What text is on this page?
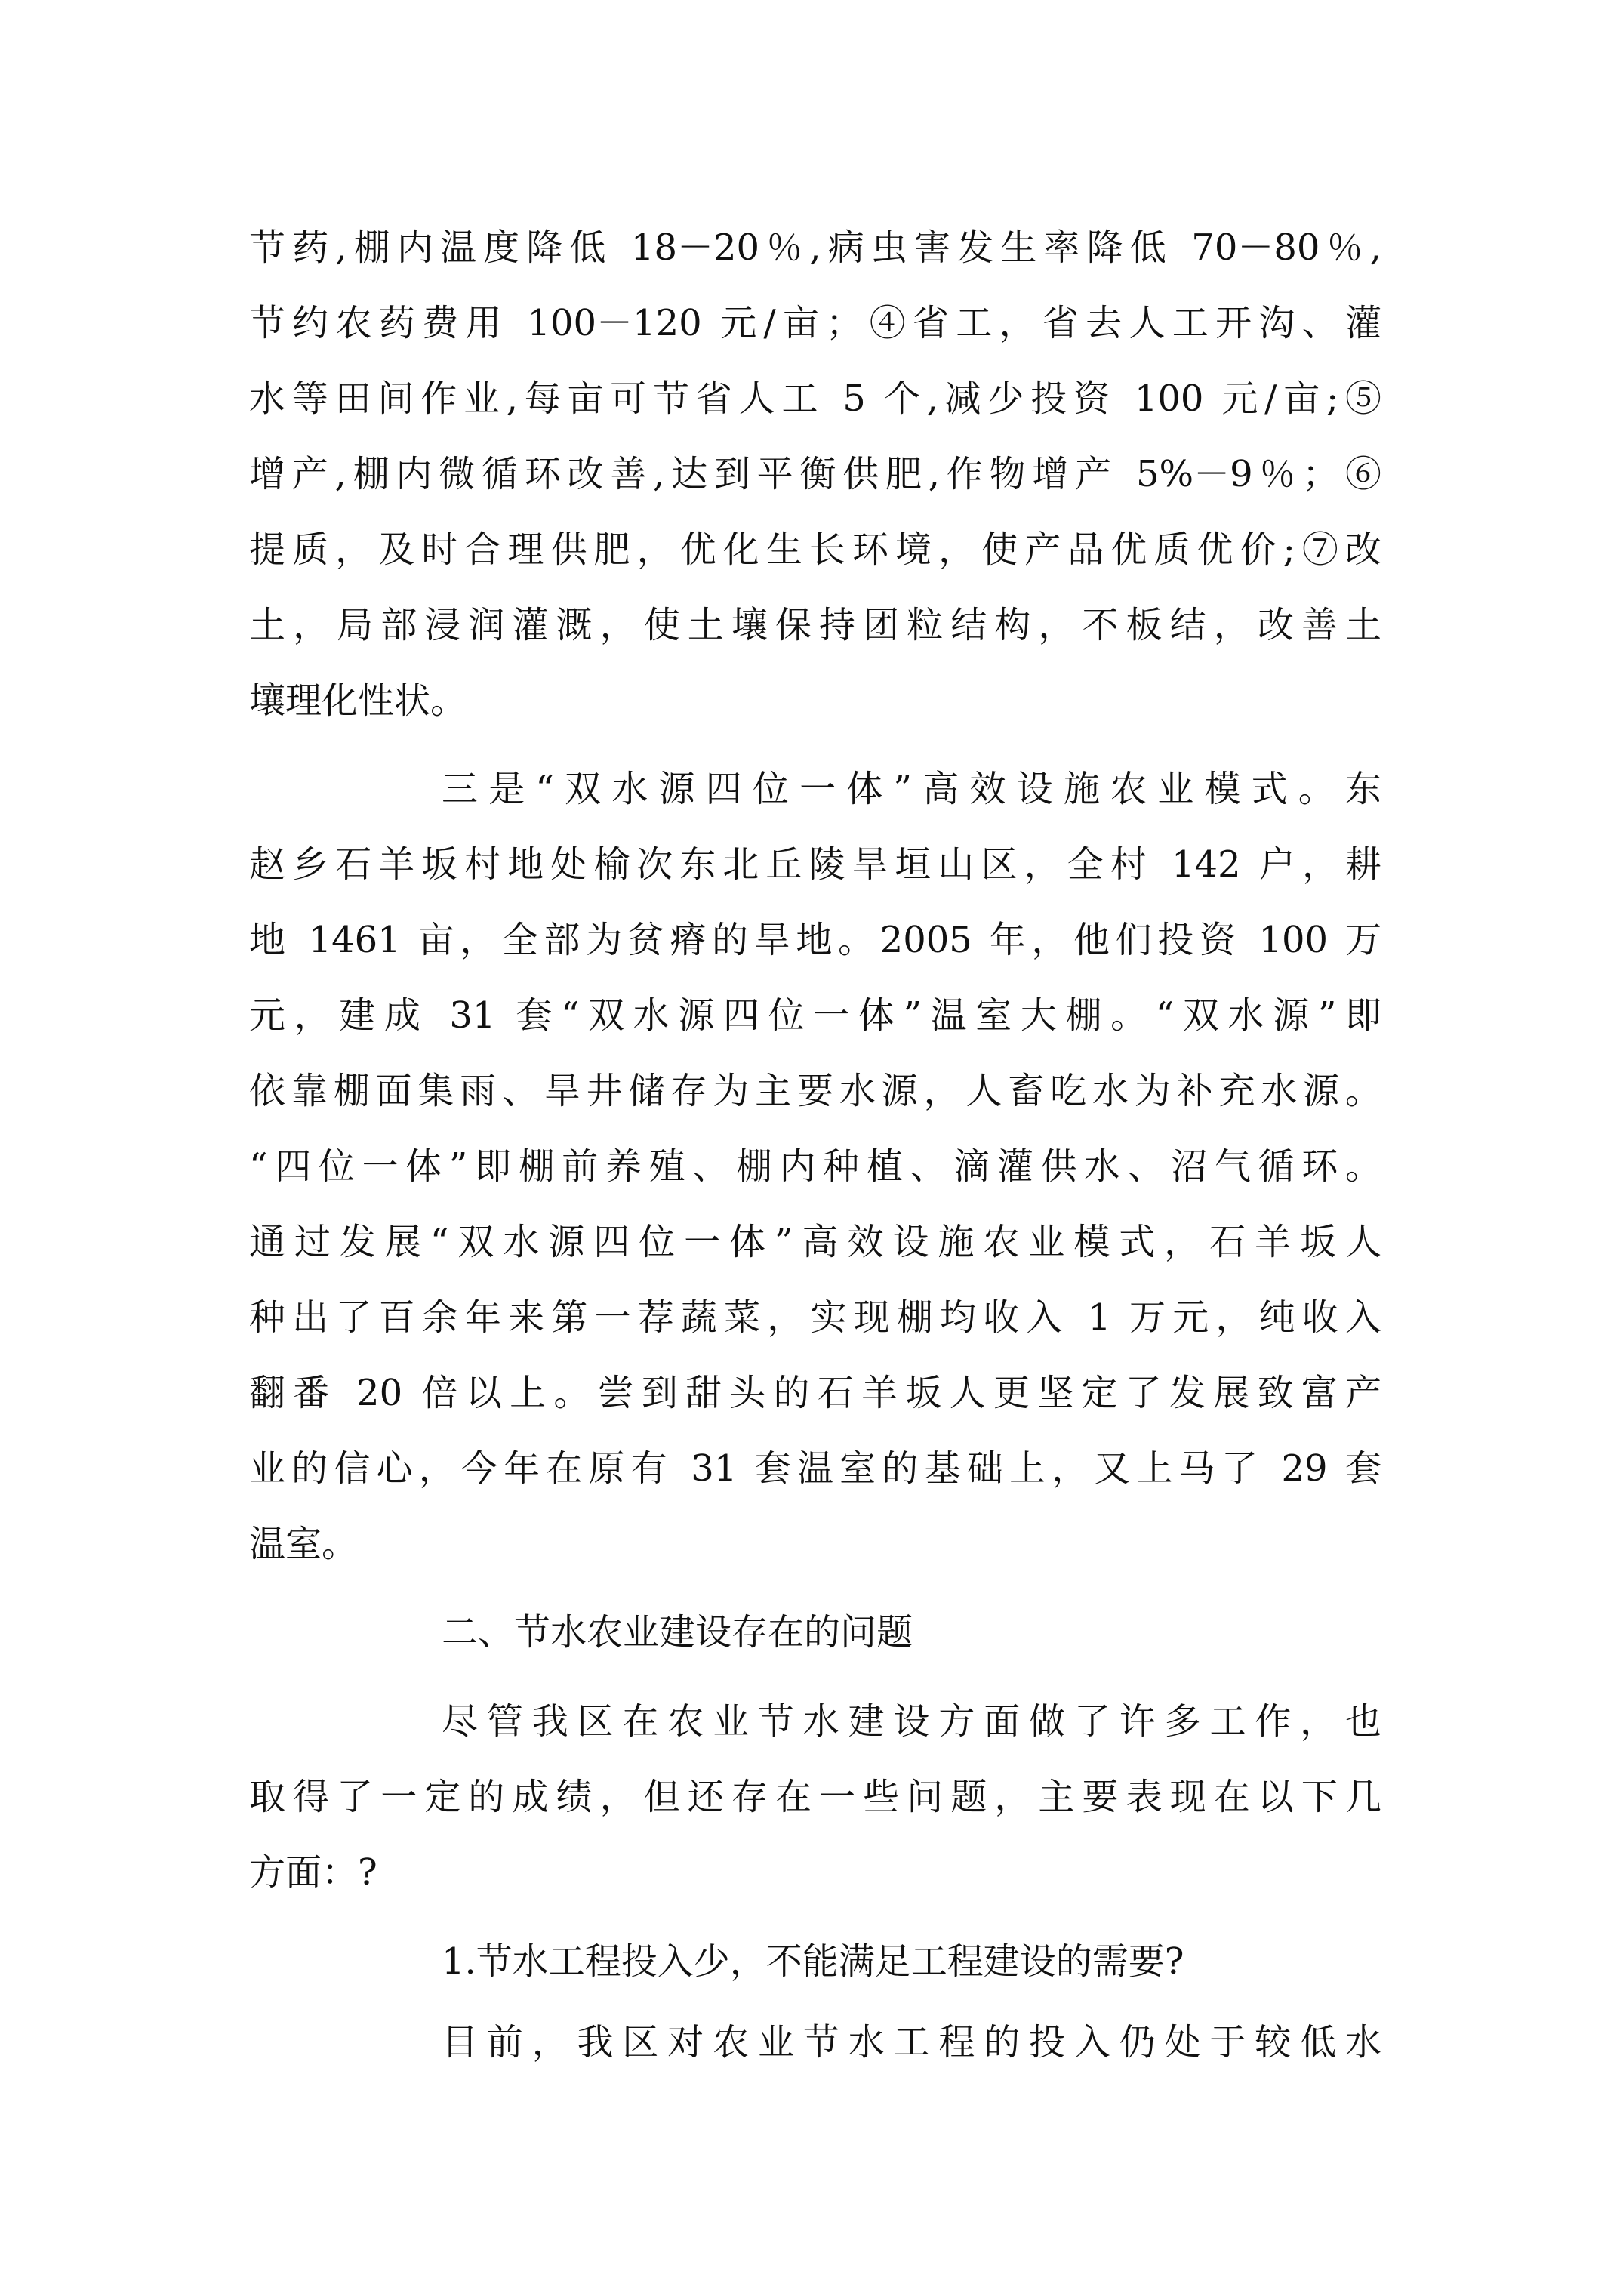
节药,棚内温度降低 18－20％,病虫害发生率降低 70－80％,

节约农药费用 100－120 元/亩；④省工，省去人工开沟、灌

水等田间作业,每亩可节省人工 5 个,减少投资 100 元/亩;⑤

增产,棚内微循环改善,达到平衡供肥,作物增产 5%－9％；⑥

提质，及时合理供肥，优化生长环境，使产品优质优价;⑦改

土，局部浸润灌溉，使土壤保持团粒结构，不板结，改善土

壤理化性状。

三是“双水源四位一体”高效设施农业模式。东

赵乡石羊坂村地处榆次东北丘陵旱垣山区，全村 142 户，耕

地 1461 亩，全部为贫瘠的旱地。2005 年，他们投资 100 万

元，建成 31 套“双水源四位一体”温室大棚。“双水源”即

依靠棚面集雨、旱井储存为主要水源，人畜吃水为补充水源。

“四位一体”即棚前养殖、棚内种植、滴灌供水、沼气循环。

通过发展“双水源四位一体”高效设施农业模式，石羊坂人

种出了百余年来第一荐蔬菜，实现棚均收入 1 万元，纯收入

翻番 20 倍以上。尝到甜头的石羊坂人更坚定了发展致富产

业的信心，今年在原有 31 套温室的基础上，又上马了 29 套

温室。

二、节水农业建设存在的问题

尽管我区在农业节水建设方面做了许多工作，也

取得了一定的成绩，但还存在一些问题，主要表现在以下几

方面：?

1.节水工程投入少，不能满足工程建设的需要?

目前，我区对农业节水工程的投入仍处于较低水
